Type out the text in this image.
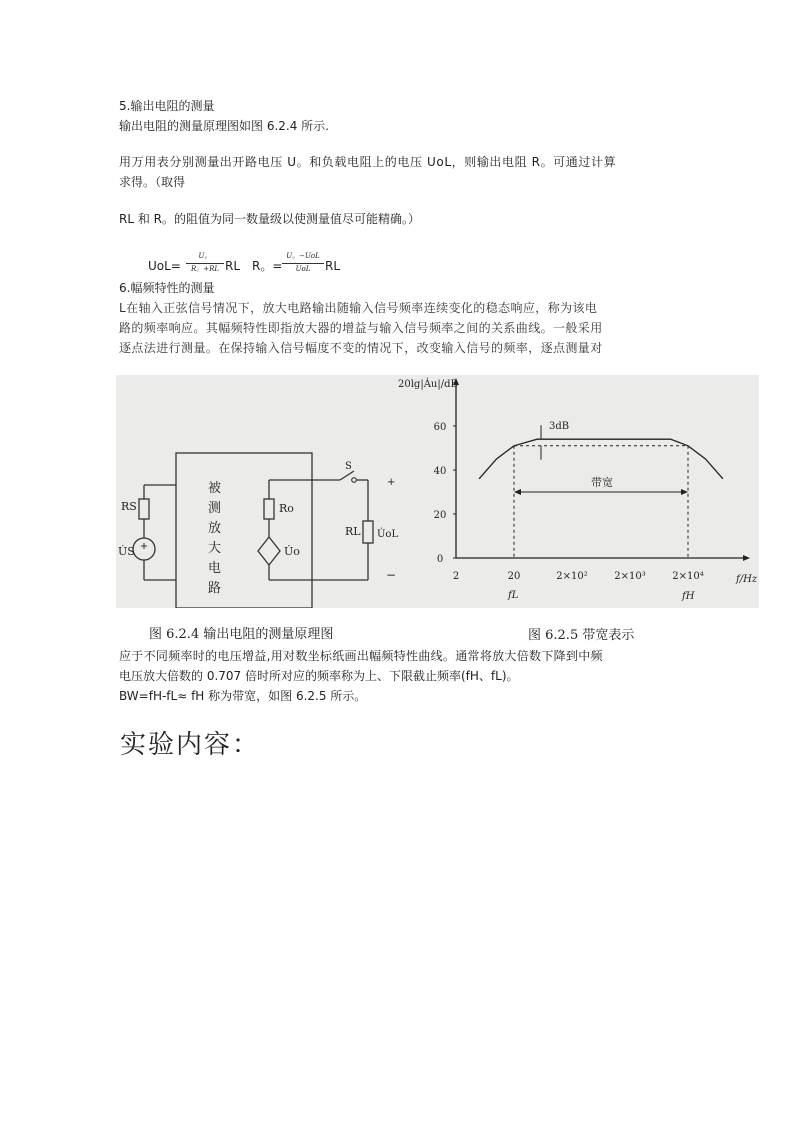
5.输出电阻的测量
输出电阻的测量原理图如图 6.2.4 所示.
用万用表分别测量出开路电压 U。和负载电阻上的电压 UoL，则输出电阻 R。可通过计算
求得。（取得
RL 和 R。的阻值为同一数量级以使测量值尽可能精确。）
UoL=
U。
R。+RL RL R。=
U。−UoL
UoL	RL
6.幅频特性的测量
L在轴入正弦信号情况下，放大电路输出随输入信号频率连续变化的稳态响应，称为该电
路的频率响应。其幅频特性即指放大器的增益与输入信号频率之间的关系曲线。一般采用
逐点法进行测量。在保持输入信号幅度不变的情况下，改变输入信号的频率，逐点测量对
RS
U̇S
Ro
U̇o
S
RL U̇oL
+
−
被
测
放
大
电
路
20lg|Ȧu|/dB
f/Hz
0
20
40
60
2	20	2×10²	2×10³	2×10⁴
带宽
3dB
fL	fH
图 6.2.4 输出电阻的测量原理图	图 6.2.5 带宽表示
应于不同频率时的电压增益,用对数坐标纸画出幅频特性曲线。通常将放大倍数下降到中频
电压放大倍数的 0.707 倍时所对应的频率称为上、下限截止频率(fH、fL)。
BW=fH-fL≈ fH 称为带宽，如图 6.2.5 所示。
实验内容：
